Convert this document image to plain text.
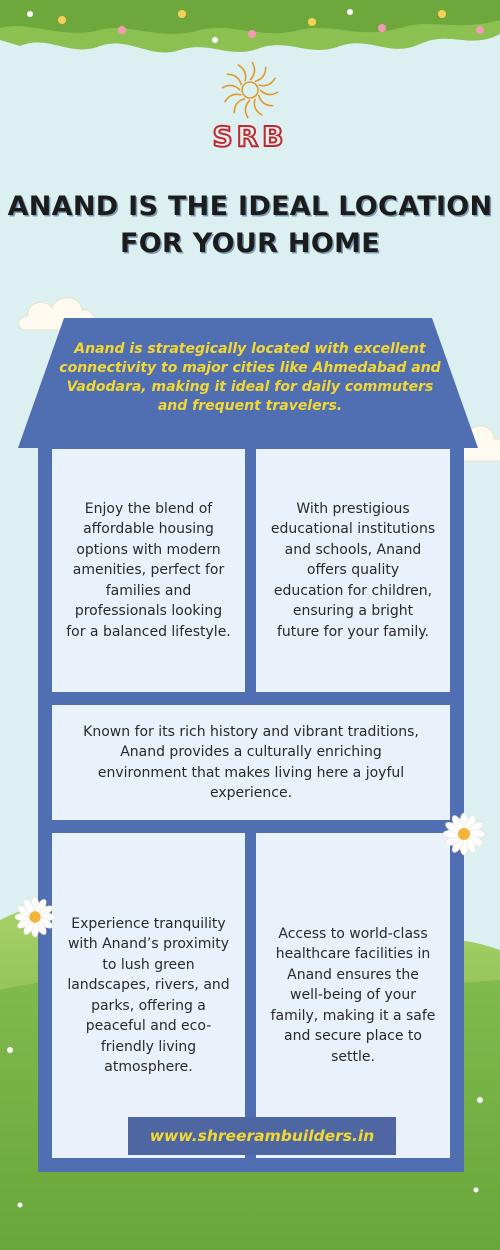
SRB
ANAND IS THE IDEAL LOCATION FOR YOUR HOME
Anand is strategically located with excellent connectivity to major cities like Ahmedabad and Vadodara, making it ideal for daily commuters and frequent travelers.
Enjoy the blend of affordable housing options with modern amenities, perfect for families and professionals looking for a balanced lifestyle.
With prestigious educational institutions and schools, Anand offers quality education for children, ensuring a bright future for your family.
Known for its rich history and vibrant traditions, Anand provides a culturally enriching environment that makes living here a joyful experience.
Experience tranquility with Anand’s proximity to lush green landscapes, rivers, and parks, offering a peaceful and eco-friendly living atmosphere.
Access to world-class healthcare facilities in Anand ensures the well-being of your family, making it a safe and secure place to settle.
www.shreerambuilders.in
